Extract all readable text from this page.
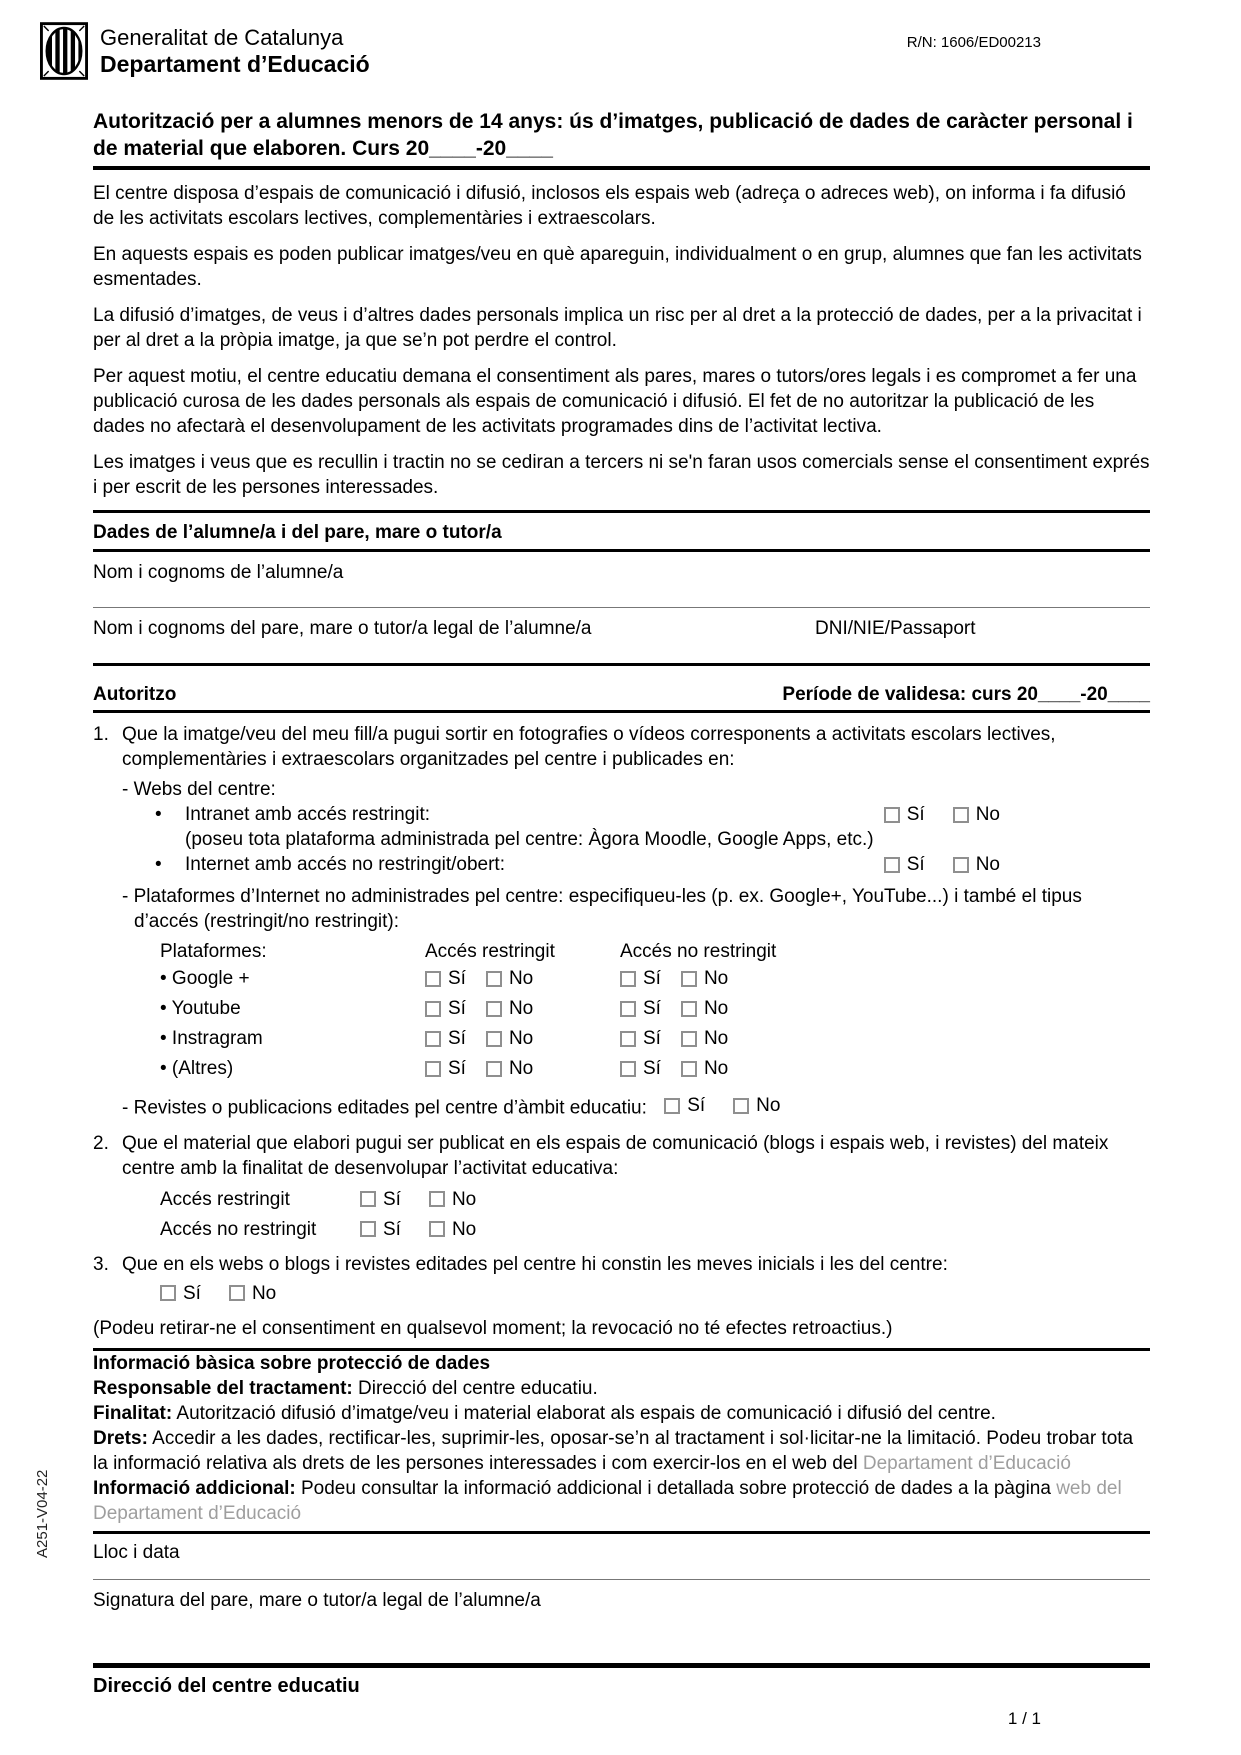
Generalitat de Catalunya
Departament d’Educació
R/N: 1606/ED00213
Autorització per a alumnes menors de 14 anys: ús d’imatges, publicació de dades de caràcter personal i de material que elaboren. Curs 20____-20____

El centre disposa d’espais de comunicació i difusió, inclosos els espais web (adreça o adreces web), on informa i fa difusió de les activitats escolars lectives, complementàries i extraescolars.

En aquests espais es poden publicar imatges/veu en què apareguin, individualment o en grup, alumnes que fan les activitats esmentades.

La difusió d’imatges, de veus i d’altres dades personals implica un risc per al dret a la protecció de dades, per a la privacitat i per al dret a la pròpia imatge, ja que se’n pot perdre el control.

Per aquest motiu, el centre educatiu demana el consentiment als pares, mares o tutors/ores legals i es compromet a fer una publicació curosa de les dades personals als espais de comunicació i difusió. El fet de no autoritzar la publicació de les dades no afectarà el desenvolupament de les activitats programades dins de l’activitat lectiva.

Les imatges i veus que es recullin i tractin no se cediran a tercers ni se'n faran usos comercials sense el consentiment exprés i per escrit de les persones interessades.

Dades de l’alumne/a i del pare, mare o tutor/a
Nom i cognoms de l’alumne/a
Nom i cognoms del pare, mare o tutor/a legal de l’alumne/a	DNI/NIE/Passaport
Autoritzo	Període de validesa: curs 20____-20____
1. Que la imatge/veu del meu fill/a pugui sortir en fotografies o vídeos corresponents a activitats escolars lectives, complementàries i extraescolars organitzades pel centre i publicades en:
- Webs del centre:
•	Intranet amb accés restringit:	Sí	No
(poseu tota plataforma administrada pel centre: Àgora Moodle, Google Apps, etc.)
•	Internet amb accés no restringit/obert:	Sí	No
- Plataformes d’Internet no administrades pel centre: especifiqueu-les (p. ex. Google+, YouTube...) i també el tipus d’accés (restringit/no restringit):
Plataformes:	Accés restringit	Accés no restringit
• Google +	Sí No	Sí No
• Youtube	Sí No	Sí No
• Instragram	Sí No	Sí No
• (Altres)	Sí No	Sí No
- Revistes o publicacions editades pel centre d’àmbit educatiu: Sí	No
2. Que el material que elabori pugui ser publicat en els espais de comunicació (blogs i espais web, i revistes) del mateix centre amb la finalitat de desenvolupar l’activitat educativa:
Accés restringit	Sí	No
Accés no restringit	Sí	No
3. Que en els webs o blogs i revistes editades pel centre hi constin les meves inicials i les del centre:
Sí	No

(Podeu retirar-ne el consentiment en qualsevol moment; la revocació no té efectes retroactius.)

Informació bàsica sobre protecció de dades

Responsable del tractament: Direcció del centre educatiu.

Finalitat: Autorització difusió d’imatge/veu i material elaborat als espais de comunicació i difusió del centre.

Drets: Accedir a les dades, rectificar-les, suprimir-les, oposar-se’n al tractament i sol·licitar-ne la limitació. Podeu trobar tota la informació relativa als drets de les persones interessades i com exercir-los en el web del Departament d’Educació

Informació addicional: Podeu consultar la informació addicional i detallada sobre protecció de dades a la pàgina web del Departament d’Educació

Lloc i data
Signatura del pare, mare o tutor/a legal de l’alumne/a
A251-V04-22
Direcció del centre educatiu
1 / 1
